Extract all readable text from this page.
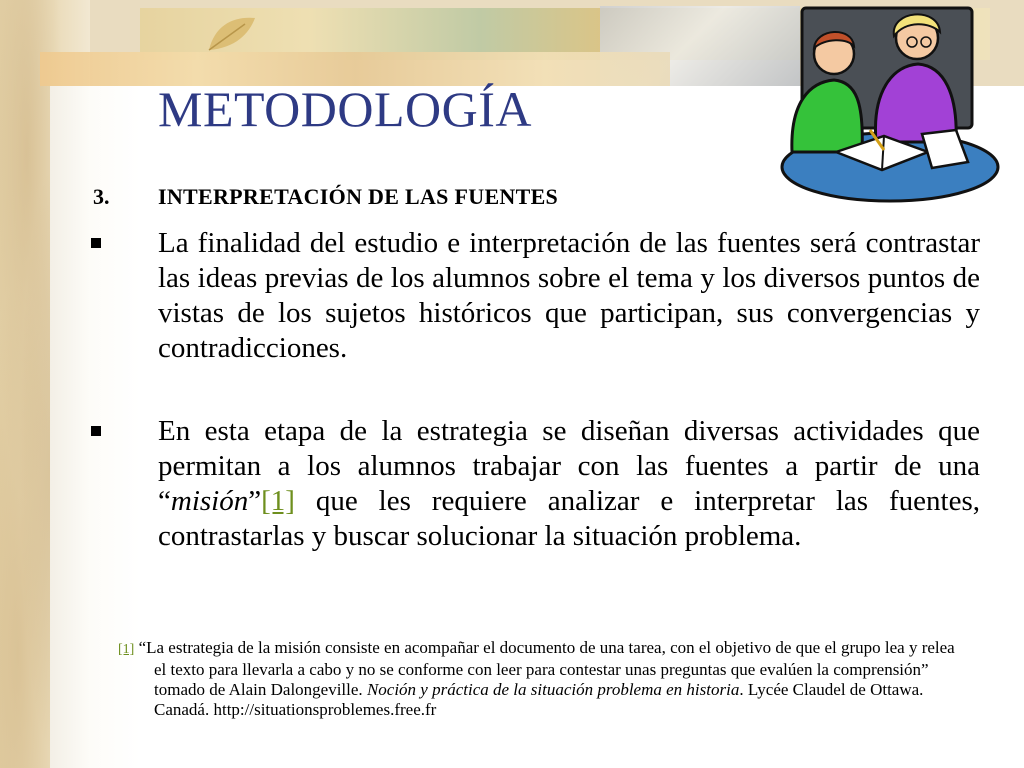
METODOLOGÍA
3. INTERPRETACIÓN DE LAS FUENTES

La finalidad del estudio e interpretación de las fuentes será contrastar las ideas previas de los alumnos sobre el tema y los diversos puntos de vistas de los sujetos históricos que participan, sus convergencias y contradicciones.

En esta etapa de la estrategia se diseñan diversas actividades que permitan a los alumnos trabajar con las fuentes a partir de una “misión”[1] que les requiere analizar e interpretar las fuentes, contrastarlas y buscar solucionar la situación problema.

[1] “La estrategia de la misión consiste en acompañar el documento de una tarea, con el objetivo de que el grupo lea y relea el texto para llevarla a cabo y no se conforme con leer para contestar unas preguntas que evalúen la comprensión” tomado de Alain Dalongeville. Noción y práctica de la situación problema en historia. Lycée Claudel de Ottawa. Canadá. http://situationsproblemes.free.fr
